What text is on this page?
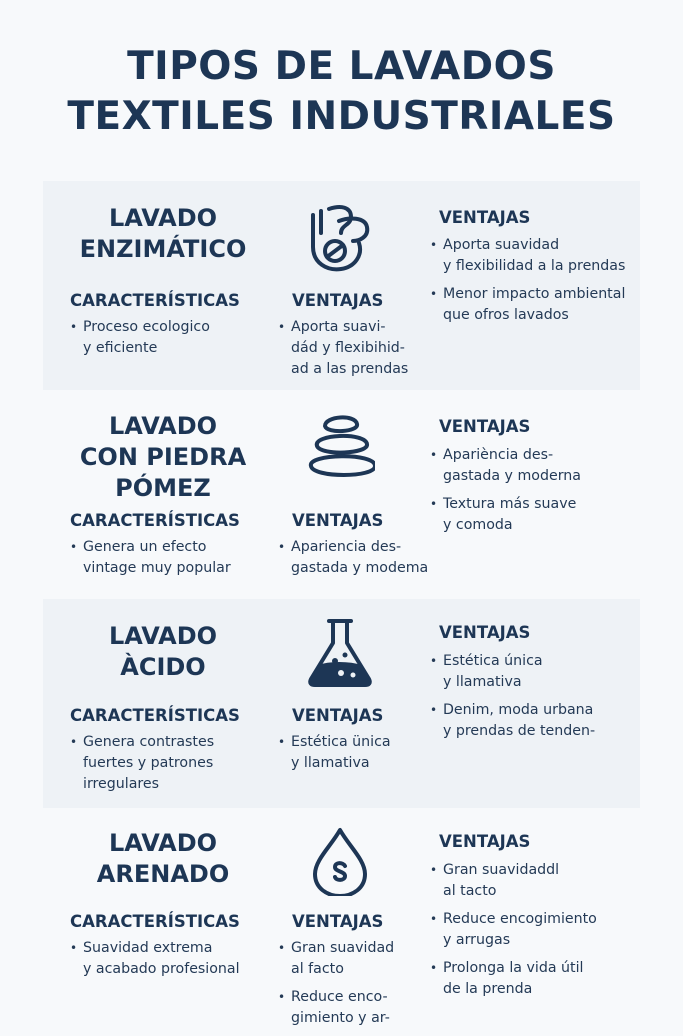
TIPOS DE LAVADOS
TEXTILES INDUSTRIALES
LAVADO
ENZIMÁTICO
CARACTERÍSTICAS
• Proceso ecologico
y eficiente
VENTAJAS
• Aporta suavi-
dád y flexibihid-
ad a las prendas
VENTAJAS
• Aporta suavidad
y flexibilidad a la prendas
• Menor impacto ambiental
que ofros lavados
LAVADO
CON PIEDRA
PÓMEZ
CARACTERÍSTICAS
• Genera un efecto
vintage muy popular
VENTAJAS
• Apariencia des-
gastada y modema
VENTAJAS
• Apariència des-
gastada y moderna
• Textura más suave
y comoda
LAVADO
ÀCIDO
CARACTERÍSTICAS
• Genera contrastes
fuertes y patrones
irregulares
VENTAJAS
• Estética ünica
y llamativa
VENTAJAS
• Estética única
y llamativa
• Denim, moda urbana
y prendas de tenden-
LAVADO
ARENADO
CARACTERÍSTICAS
• Suavidad extrema
y acabado profesional
VENTAJAS
• Gran suavidad
al facto
• Reduce enco-
gimiento y ar-
VENTAJAS
• Gran suavidaddl
al tacto
• Reduce encogimiento
y arrugas
• Prolonga la vida útil
de la prenda
